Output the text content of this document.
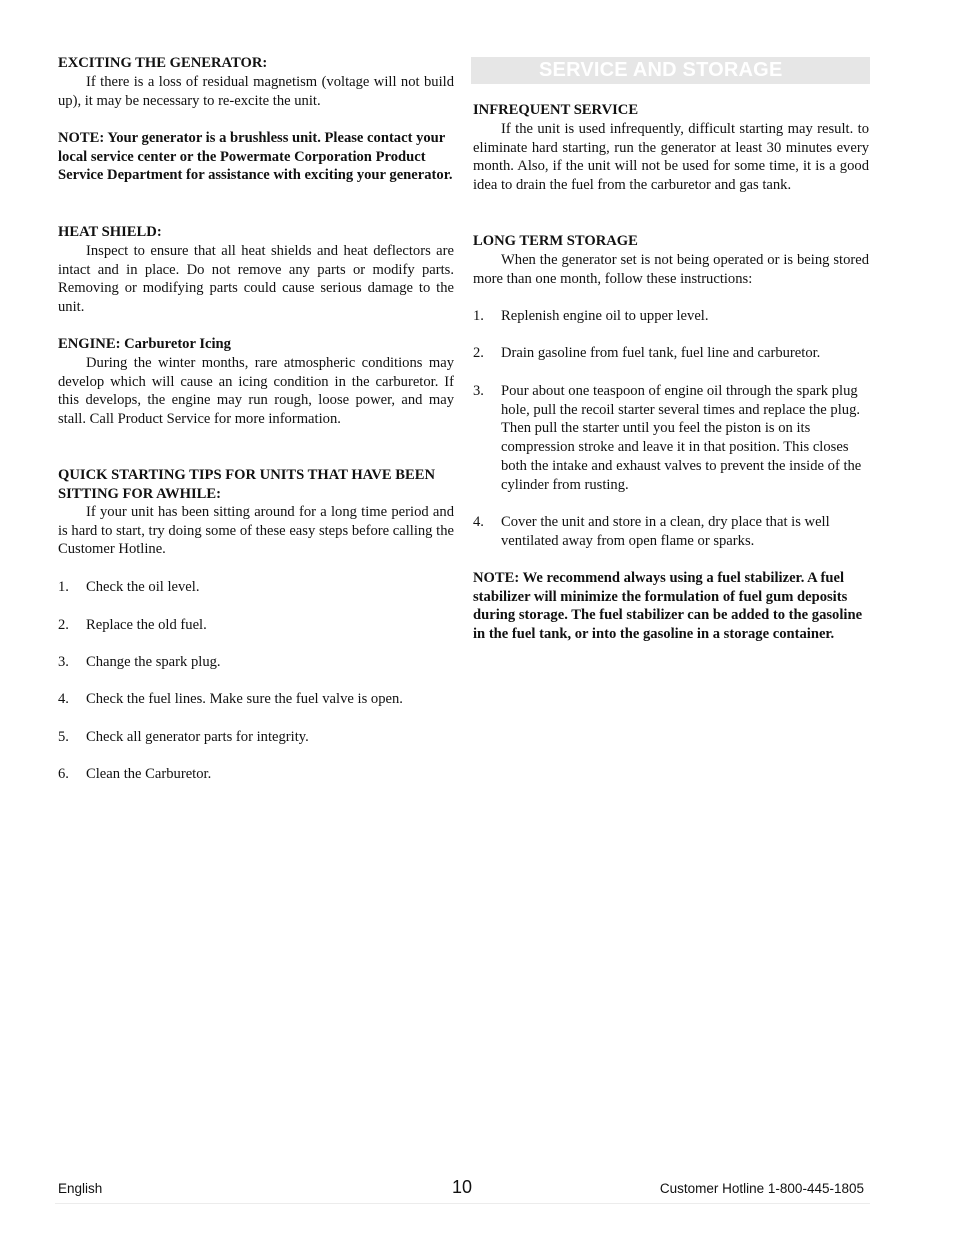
EXCITING THE GENERATOR:
If there is a loss of residual magnetism (voltage will not build up), it may be necessary to re-excite the unit.
NOTE: Your generator is a brushless unit. Please contact your local service center or the Powermate Corporation Product Service Department for assistance with exciting your generator.
HEAT SHIELD:
Inspect to ensure that all heat shields and heat deflectors are intact and in place. Do not remove any parts or modify parts. Removing or modifying parts could cause serious damage to the unit.
ENGINE: Carburetor Icing
During the winter months, rare atmospheric conditions may develop which will cause an icing condition in the carburetor. If this develops, the engine may run rough, loose power, and may stall. Call Product Service for more information.
QUICK STARTING TIPS FOR UNITS THAT HAVE BEEN SITTING FOR AWHILE:
If your unit has been sitting around for a long time period and is hard to start, try doing some of these easy steps before calling the Customer Hotline.
1. Check the oil level.
2. Replace the old fuel.
3. Change the spark plug.
4. Check the fuel lines. Make sure the fuel valve is open.
5. Check all generator parts for integrity.
6. Clean the Carburetor.
SERVICE AND STORAGE
INFREQUENT SERVICE
If the unit is used infrequently, difficult starting may result. to eliminate hard starting, run the generator at least 30 minutes every month. Also, if the unit will not be used for some time, it is a good idea to drain the fuel from the carburetor and gas tank.
LONG TERM STORAGE
When the generator set is not being operated or is being stored more than one month, follow these instructions:
1. Replenish engine oil to upper level.
2. Drain gasoline from fuel tank, fuel line and carburetor.
3. Pour about one teaspoon of engine oil through the spark plug hole, pull the recoil starter several times and replace the plug. Then pull the starter until you feel the piston is on its compression stroke and leave it in that position. This closes both the intake and exhaust valves to prevent the inside of the cylinder from rusting.
4. Cover the unit and store in a clean, dry place that is well ventilated away from open flame or sparks.
NOTE: We recommend always using a fuel stabilizer. A fuel stabilizer will minimize the formulation of fuel gum deposits during storage. The fuel stabilizer can be added to the gasoline in the fuel tank, or into the gasoline in a storage container.
English	10	Customer Hotline 1-800-445-1805
